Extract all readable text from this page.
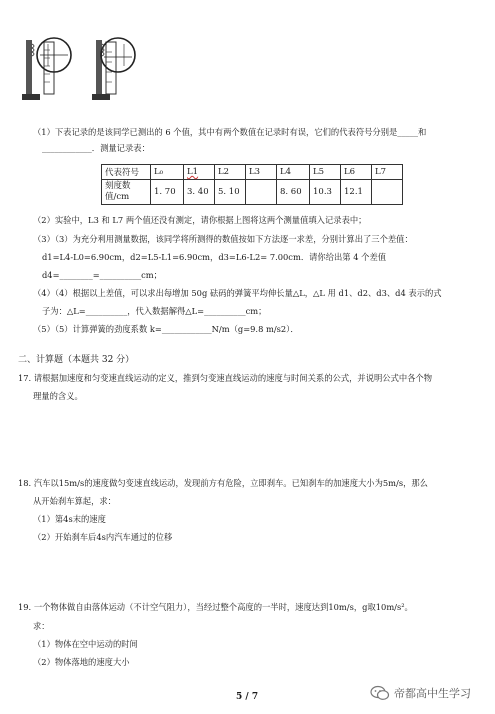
（1）下表记录的是该同学已测出的 6 个值，其中有两个数值在记录时有误，它们的代表符号分别是_____和
____________．测量记录表：
代表符号	L₀	L1	L2	L3	L4	L5	L6	L7

刻度数
值/cm	1. 70	3. 40	5. 10		8. 60	10.3	12.1	
（2）实验中，L3 和 L7 两个值还没有测定，请你根据上图将这两个测量值填入记录表中；
（3）（3）为充分利用测量数据，该同学将所测得的数值按如下方法逐一求差，分别计算出了三个差值：
d1=L4-L0=6.90cm，d2=L5-L1=6.90cm，d3=L6-L2= 7.00cm．请你给出第 4 个差值
d4=________=__________cm；
（4）（4）根据以上差值，可以求出每增加 50g 砝码的弹簧平均伸长量△L，△L 用 d1、d2、d3、d4 表示的式
子为：△L=__________，代入数据解得△L=__________cm；
（5）（5）计算弹簧的劲度系数 k=____________N/m（g=9.8 m/s2）．
二、计算题（本题共 32 分）
17. 请根据加速度和匀变速直线运动的定义，推到匀变速直线运动的速度与时间关系的公式，并说明公式中各个物
理量的含义。
18. 汽车以15m/s的速度做匀变速直线运动，发现前方有危险，立即刹车。已知刹车的加速度大小为5m/s，那么
从开始刹车算起，求：
（1）第4s末的速度
（2）开始刹车后4s内汽车通过的位移
19. 一个物体做自由落体运动（不计空气阻力），当经过整个高度的一半时，速度达到10m/s，g取10m/s²。
求：
（1）物体在空中运动的时间
（2）物体落地的速度大小
5 / 7	帝都高中生学习
